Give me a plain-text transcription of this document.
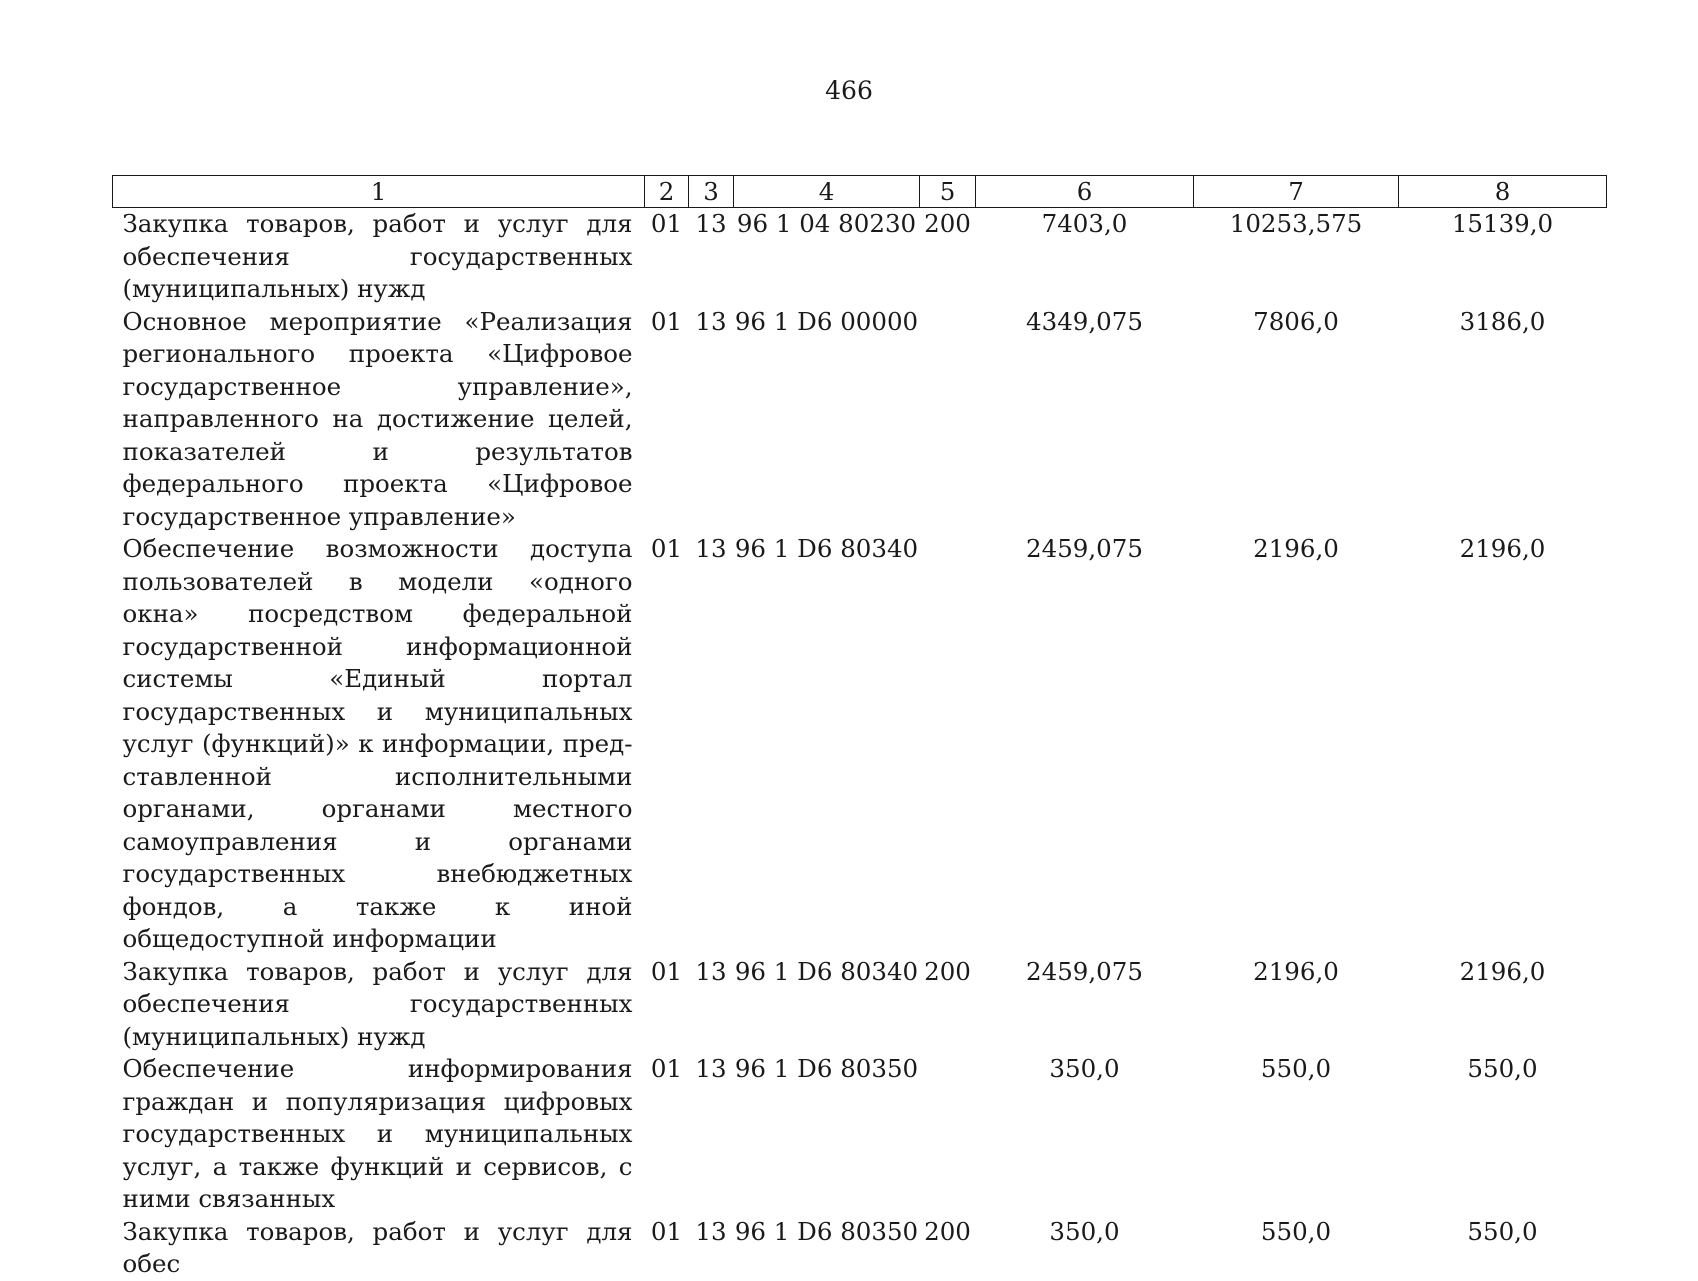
466
1	2	3	4	5	6	7	8
Закупка товаров, работ и услуг для обеспечения государственных (муниципальных) нужд	01	13	96 1 04 80230	200	7403,0	10253,575	15139,0
Основное мероприятие «Реализация регионального проекта «Цифровое государственное управление», направленного на достижение целей, показателей и результатов федерального проекта «Цифровое государственное управление»	01	13	96 1 D6 00000		4349,075	7806,0	3186,0
Обеспечение возможности доступа пользователей в модели «одного окна» посредством федеральной государственной информационной системы «Единый портал государственных и муниципальных услуг (функций)» к информации, представленной исполнительными органами, органами местного самоуправления и органами государственных внебюджетных фондов, а также к иной общедоступной информации	01	13	96 1 D6 80340		2459,075	2196,0	2196,0
Закупка товаров, работ и услуг для обеспечения государственных (муниципальных) нужд	01	13	96 1 D6 80340	200	2459,075	2196,0	2196,0
Обеспечение информирования граждан и популяризация цифровых государственных и муниципальных услуг, а также функций и сервисов, с ними связанных	01	13	96 1 D6 80350		350,0	550,0	550,0
Закупка товаров, работ и услуг для обес	01	13	96 1 D6 80350	200	350,0	550,0	550,0
